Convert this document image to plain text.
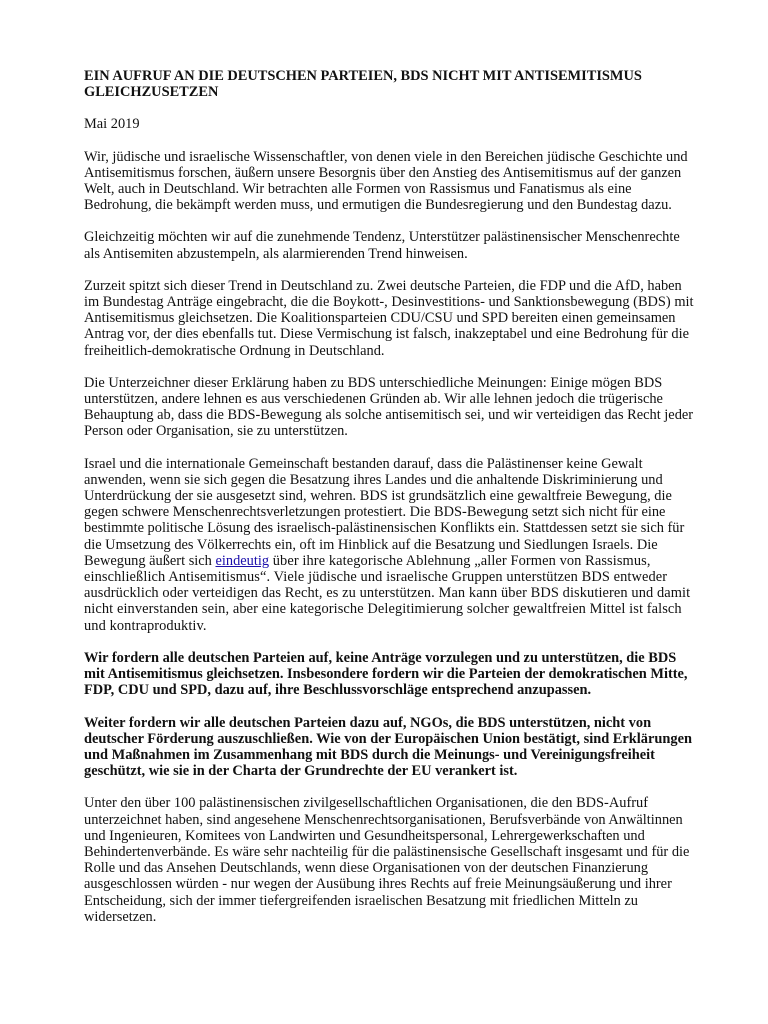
EIN AUFRUF AN DIE DEUTSCHEN PARTEIEN, BDS NICHT MIT ANTISEMITISMUS GLEICHZUSETZEN
Mai 2019

Wir, jüdische und israelische Wissenschaftler, von denen viele in den Bereichen jüdische Geschichte und Antisemitismus forschen, äußern unsere Besorgnis über den Anstieg des Antisemitismus auf der ganzen Welt, auch in Deutschland. Wir betrachten alle Formen von Rassismus und Fanatismus als eine Bedrohung, die bekämpft werden muss, und ermutigen die Bundesregierung und den Bundestag dazu.

Gleichzeitig möchten wir auf die zunehmende Tendenz, Unterstützer palästinensischer Menschenrechte als Antisemiten abzustempeln, als alarmierenden Trend hinweisen.

Zurzeit spitzt sich dieser Trend in Deutschland zu. Zwei deutsche Parteien, die FDP und die AfD, haben im Bundestag Anträge eingebracht, die die Boykott-, Desinvestitions- und Sanktionsbewegung (BDS) mit Antisemitismus gleichsetzen. Die Koalitionsparteien CDU/CSU und SPD bereiten einen gemeinsamen Antrag vor, der dies ebenfalls tut. Diese Vermischung ist falsch, inakzeptabel und eine Bedrohung für die freiheitlich-demokratische Ordnung in Deutschland.

Die Unterzeichner dieser Erklärung haben zu BDS unterschiedliche Meinungen: Einige mögen BDS unterstützen, andere lehnen es aus verschiedenen Gründen ab. Wir alle lehnen jedoch die trügerische Behauptung ab, dass die BDS-Bewegung als solche antisemitisch sei, und wir verteidigen das Recht jeder Person oder Organisation, sie zu unterstützen.

Israel und die internationale Gemeinschaft bestanden darauf, dass die Palästinenser keine Gewalt anwenden, wenn sie sich gegen die Besatzung ihres Landes und die anhaltende Diskriminierung und Unterdrückung der sie ausgesetzt sind, wehren. BDS ist grundsätzlich eine gewaltfreie Bewegung, die gegen schwere Menschenrechtsverletzungen protestiert. Die BDS-Bewegung setzt sich nicht für eine bestimmte politische Lösung des israelisch-palästinensischen Konflikts ein. Stattdessen setzt sie sich für die Umsetzung des Völkerrechts ein, oft im Hinblick auf die Besatzung und Siedlungen Israels. Die Bewegung äußert sich eindeutig über ihre kategorische Ablehnung „aller Formen von Rassismus, einschließlich Antisemitismus“. Viele jüdische und israelische Gruppen unterstützen BDS entweder ausdrücklich oder verteidigen das Recht, es zu unterstützen. Man kann über BDS diskutieren und damit nicht einverstanden sein, aber eine kategorische Delegitimierung solcher gewaltfreien Mittel ist falsch und kontraproduktiv.

Wir fordern alle deutschen Parteien auf, keine Anträge vorzulegen und zu unterstützen, die BDS mit Antisemitismus gleichsetzen. Insbesondere fordern wir die Parteien der demokratischen Mitte, FDP, CDU und SPD, dazu auf, ihre Beschlussvorschläge entsprechend anzupassen.

Weiter fordern wir alle deutschen Parteien dazu auf, NGOs, die BDS unterstützen, nicht von deutscher Förderung auszuschließen. Wie von der Europäischen Union bestätigt, sind Erklärungen und Maßnahmen im Zusammenhang mit BDS durch die Meinungs- und Vereinigungsfreiheit geschützt, wie sie in der Charta der Grundrechte der EU verankert ist.

Unter den über 100 palästinensischen zivilgesellschaftlichen Organisationen, die den BDS-Aufruf unterzeichnet haben, sind angesehene Menschenrechtsorganisationen, Berufsverbände von Anwältinnen und Ingenieuren, Komitees von Landwirten und Gesundheitspersonal, Lehrergewerkschaften und Behindertenverbände. Es wäre sehr nachteilig für die palästinensische Gesellschaft insgesamt und für die Rolle und das Ansehen Deutschlands, wenn diese Organisationen von der deutschen Finanzierung ausgeschlossen würden - nur wegen der Ausübung ihres Rechts auf freie Meinungsäußerung und ihrer Entscheidung, sich der immer tiefergreifenden israelischen Besatzung mit friedlichen Mitteln zu widersetzen.
